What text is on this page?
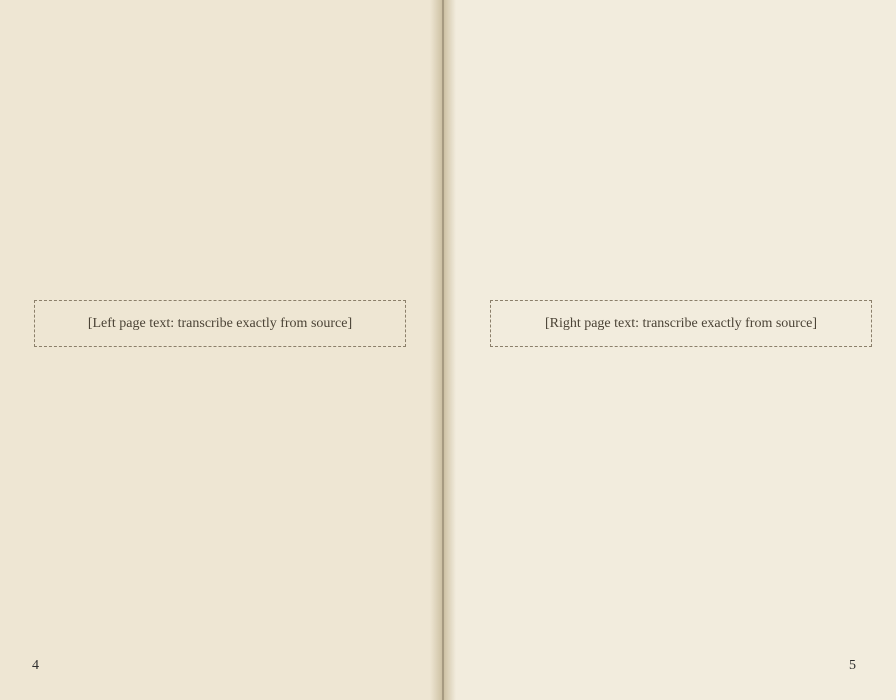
[Left page text: transcribe exactly from source]
4
[Right page text: transcribe exactly from source]
5
